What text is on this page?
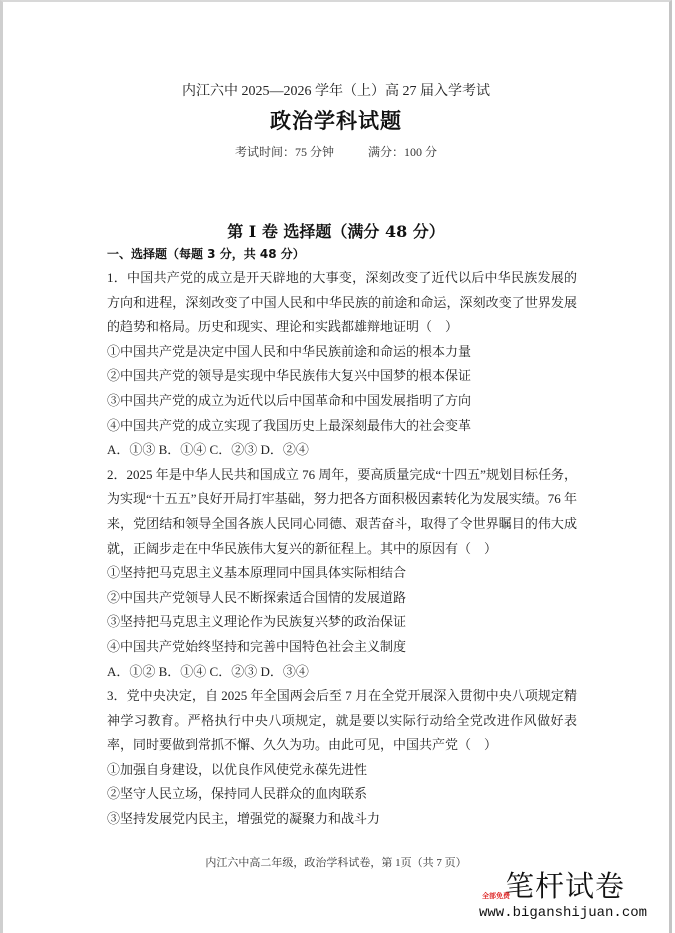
内江六中 2025—2026 学年（上）高 27 届入学考试
政治学科试题
考试时间：75 分钟	满分：100 分
第 I 卷 选择题（满分 48 分）
一、选择题（每题 3 分，共 48 分）

1．中国共产党的成立是开天辟地的大事变，深刻改变了近代以后中华民族发展的方向和进程，深刻改变了中国人民和中华民族的前途和命运，深刻改变了世界发展的趋势和格局。历史和现实、理论和实践都雄辩地证明（　）

①中国共产党是决定中国人民和中华民族前途和命运的根本力量

②中国共产党的领导是实现中华民族伟大复兴中国梦的根本保证

③中国共产党的成立为近代以后中国革命和中国发展指明了方向

④中国共产党的成立实现了我国历史上最深刻最伟大的社会变革

A．①③ B．①④ C．②③ D．②④

2．2025 年是中华人民共和国成立 76 周年，要高质量完成“十四五”规划目标任务，为实现“十五五”良好开局打牢基础，努力把各方面积极因素转化为发展实绩。76 年来，党团结和领导全国各族人民同心同德、艰苦奋斗，取得了令世界瞩目的伟大成就，正阔步走在中华民族伟大复兴的新征程上。其中的原因有（　）

①坚持把马克思主义基本原理同中国具体实际相结合

②中国共产党领导人民不断探索适合国情的发展道路

③坚持把马克思主义理论作为民族复兴梦的政治保证

④中国共产党始终坚持和完善中国特色社会主义制度

A．①② B．①④ C．②③ D．③④

3．党中央决定，自 2025 年全国两会后至 7 月在全党开展深入贯彻中央八项规定精神学习教育。严格执行中央八项规定，就是要以实际行动给全党改进作风做好表率，同时要做到常抓不懈、久久为功。由此可见，中国共产党（　）

①加强自身建设，以优良作风使党永葆先进性

②坚守人民立场，保持同人民群众的血肉联系

③坚持发展党内民主，增强党的凝聚力和战斗力

内江六中高二年级，政治学科试卷，第 1页（共 7 页）
笔杆试卷
全部免费
www.biganshijuan.com
